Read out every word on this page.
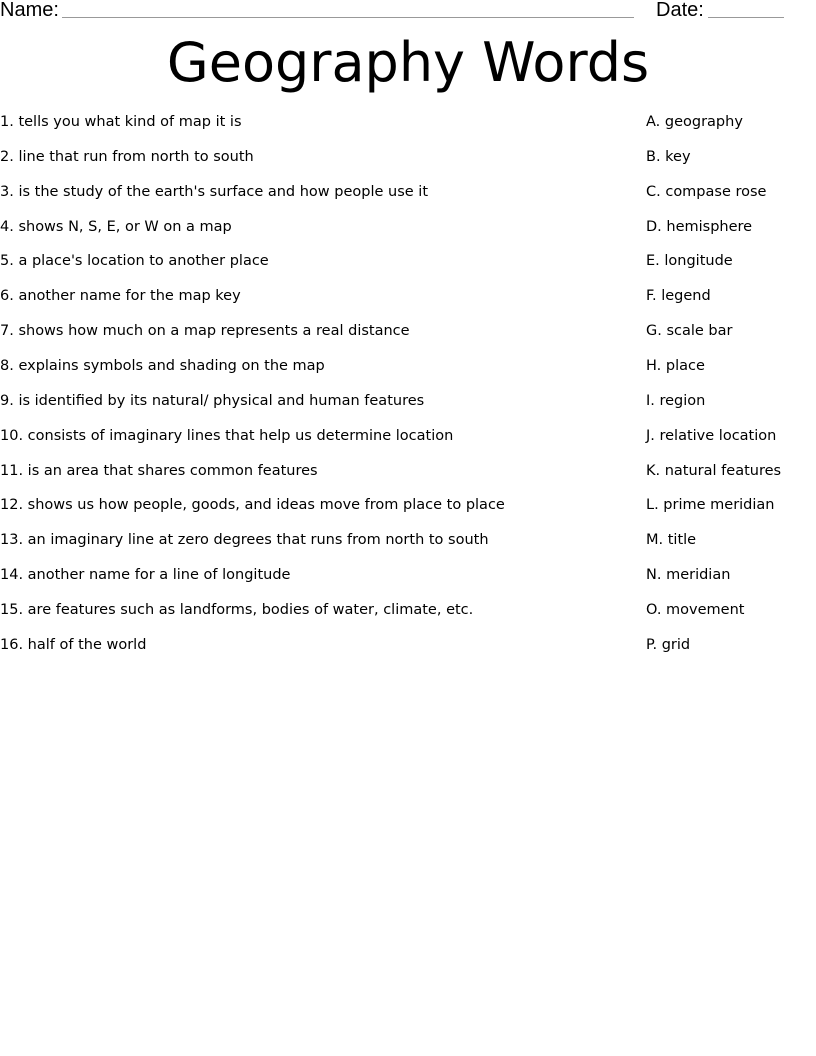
Name:	Date:
Geography Words
1. tells you what kind of map it is
2. line that run from north to south
3. is the study of the earth's surface and how people use it
4. shows N, S, E, or W on a map
5. a place's location to another place
6. another name for the map key
7. shows how much on a map represents a real distance
8. explains symbols and shading on the map
9. is identified by its natural/ physical and human features
10. consists of imaginary lines that help us determine location
11. is an area that shares common features
12. shows us how people, goods, and ideas move from place to place
13. an imaginary line at zero degrees that runs from north to south
14. another name for a line of longitude
15. are features such as landforms, bodies of water, climate, etc.
16. half of the world
A. geography
B. key
C. compase rose
D. hemisphere
E. longitude
F. legend
G. scale bar
H. place
I. region
J. relative location
K. natural features
L. prime meridian
M. title
N. meridian
O. movement
P. grid
